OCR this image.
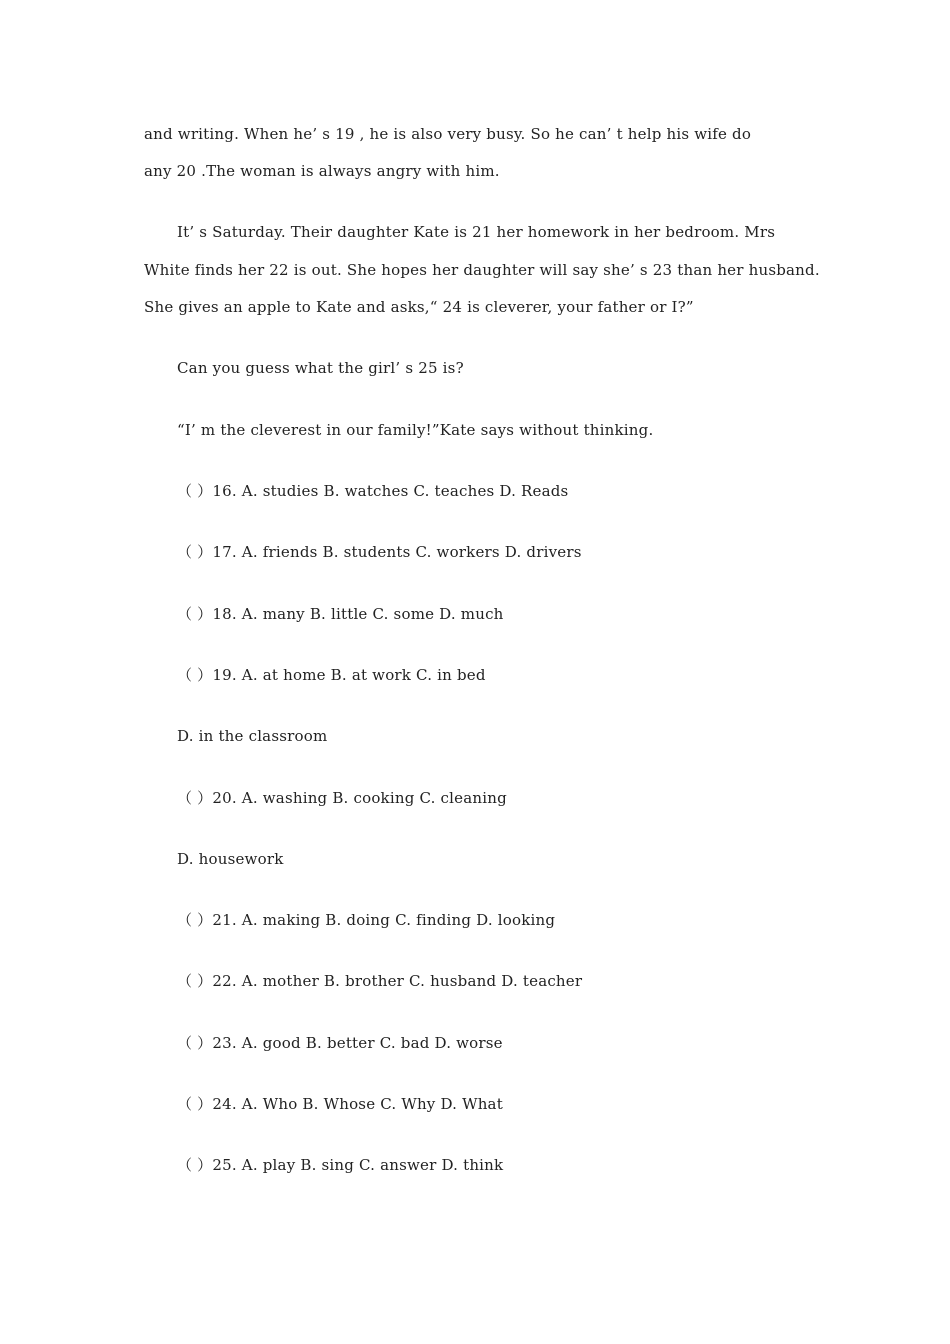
and writing. When he’ s 19 , he is also very busy. So he can’ t help his wife do
any 20 .The woman is always angry with him.
It’ s Saturday. Their daughter Kate is 21 her homework in her bedroom. Mrs
White finds her 22 is out. She hopes her daughter will say she’ s 23 than her husband.
She gives an apple to Kate and asks,“ 24 is cleverer, your father or I?”
Can you guess what the girl’ s 25 is?
“I’ m the cleverest in our family!”Kate says without thinking.
（ ）16. A. studies B. watches C. teaches D. Reads
（ ）17. A. friends B. students C. workers D. drivers
（ ）18. A. many B. little C. some D. much
（ ）19. A. at home B. at work C. in bed
D. in the classroom
（ ）20. A. washing B. cooking C. cleaning
D. housework
（ ）21. A. making B. doing C. finding D. looking
（ ）22. A. mother B. brother C. husband D. teacher
（ ）23. A. good B. better C. bad D. worse
（ ）24. A. Who B. Whose C. Why D. What
（ ）25. A. play B. sing C. answer D. think
